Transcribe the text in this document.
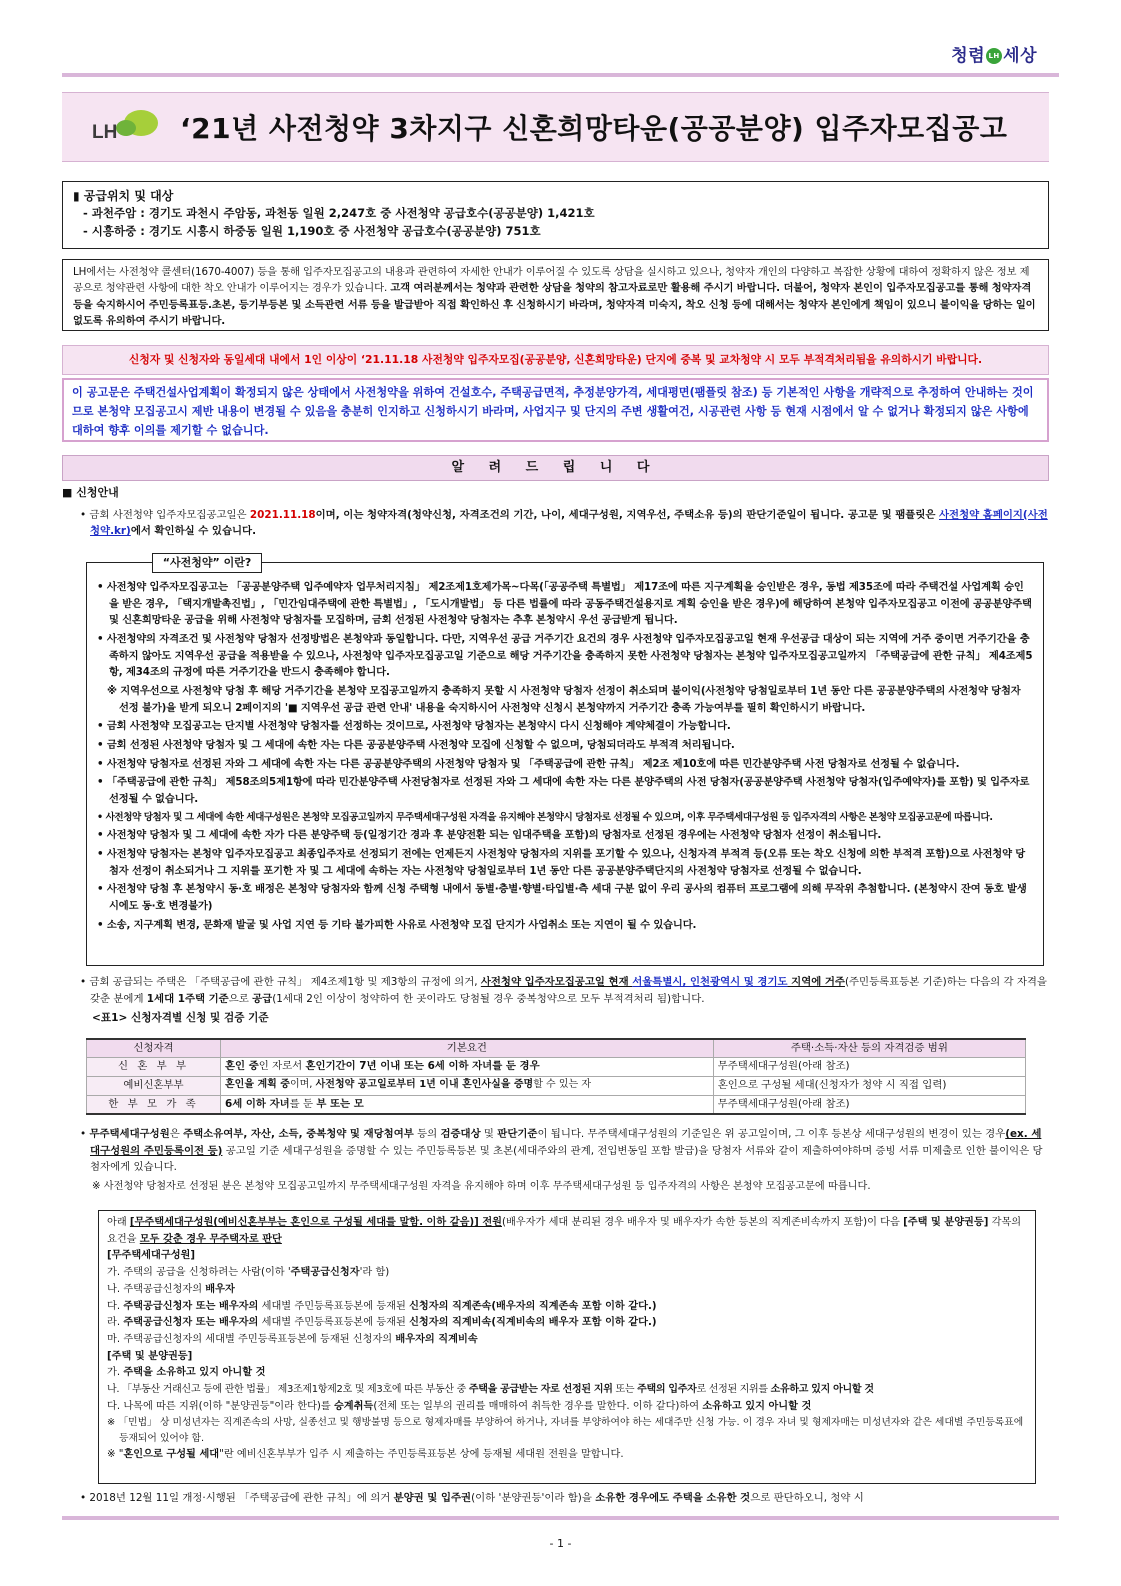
청렴 LH 세상
LH ‘21년 사전청약 3차지구 신혼희망타운(공공분양) 입주자모집공고
▮ 공급위치 및 대상
- 과천주암 : 경기도 과천시 주암동, 과천동 일원 2,247호 중 사전청약 공급호수(공공분양) 1,421호
- 시흥하중 : 경기도 시흥시 하중동 일원 1,190호 중 사전청약 공급호수(공공분양) 751호
LH에서는 사전청약 콜센터(1670-4007) 등을 통해 입주자모집공고의 내용과 관련하여 자세한 안내가 이루어질 수 있도록 상담을 실시하고 있으나, 청약자 개인의 다양하고 복잡한 상황에 대하여 정확하지 않은 정보 제공으로 청약관련 사항에 대한 착오 안내가 이루어지는 경우가 있습니다. 고객 여러분께서는 청약과 관련한 상담을 청약의 참고자료로만 활용해 주시기 바랍니다. 더불어, 청약자 본인이 입주자모집공고를 통해 청약자격 등을 숙지하시어 주민등록표등.초본, 등기부등본 및 소득관련 서류 등을 발급받아 직접 확인하신 후 신청하시기 바라며, 청약자격 미숙지, 착오 신청 등에 대해서는 청약자 본인에게 책임이 있으니 불이익을 당하는 일이 없도록 유의하여 주시기 바랍니다.
신청자 및 신청자와 동일세대 내에서 1인 이상이 ‘21.11.18 사전청약 입주자모집(공공분양, 신혼희망타운) 단지에 중복 및 교차청약 시 모두 부적격처리됨을 유의하시기 바랍니다.
이 공고문은 주택건설사업계획이 확정되지 않은 상태에서 사전청약을 위하여 건설호수, 주택공급면적, 추정분양가격, 세대평면(팸플릿 참조) 등 기본적인 사항을 개략적으로 추정하여 안내하는 것이므로 본청약 모집공고시 제반 내용이 변경될 수 있음을 충분히 인지하고 신청하시기 바라며, 사업지구 및 단지의 주변 생활여건, 시공관련 사항 등 현재 시점에서 알 수 없거나 확정되지 않은 사항에 대하여 향후 이의를 제기할 수 없습니다.
알 려 드 립 니 다
■ 신청안내
• 금회 사전청약 입주자모집공고일은 2021.11.18이며, 이는 청약자격(청약신청, 자격조건의 기간, 나이, 세대구성원, 지역우선, 주택소유 등)의 판단기준일이 됩니다. 공고문 및 팸플릿은 사전청약 홈페이지(사전청약.kr)에서 확인하실 수 있습니다.
• 사전청약 입주자모집공고는 「공공분양주택 입주예약자 업무처리지침」 제2조제1호제가목~다목(「공공주택 특별법」 제17조에 따른 지구계획을 승인받은 경우, 동법 제35조에 따라 주택건설 사업계획 승인을 받은 경우, 「택지개발촉진법」, 「민간임대주택에 관한 특별법」, 「도시개발법」 등 다른 법률에 따라 공동주택건설용지로 계획 승인을 받은 경우)에 해당하여 본청약 입주자모집공고 이전에 공공분양주택 및 신혼희망타운 공급을 위해 사전청약 당첨자를 모집하며, 금회 선정된 사전청약 당첨자는 추후 본청약시 우선 공급받게 됩니다.
• 사전청약의 자격조건 및 사전청약 당첨자 선정방법은 본청약과 동일합니다. 다만, 지역우선 공급 거주기간 요건의 경우 사전청약 입주자모집공고일 현재 우선공급 대상이 되는 지역에 거주 중이면 거주기간을 충족하지 않아도 지역우선 공급을 적용받을 수 있으나, 사전청약 입주자모집공고일 기준으로 해당 거주기간을 충족하지 못한 사전청약 당첨자는 본청약 입주자모집공고일까지 「주택공급에 관한 규칙」 제4조제5항, 제34조의 규정에 따른 거주기간을 반드시 충족해야 합니다.
※ 지역우선으로 사전청약 당첨 후 해당 거주기간을 본청약 모집공고일까지 충족하지 못할 시 사전청약 당첨자 선정이 취소되며 불이익(사전청약 당첨일로부터 1년 동안 다른 공공분양주택의 사전청약 당첨자 선정 불가)을 받게 되오니 2페이지의 '■ 지역우선 공급 관련 안내' 내용을 숙지하시어 사전청약 신청시 본청약까지 거주기간 충족 가능여부를 필히 확인하시기 바랍니다.
• 금회 사전청약 모집공고는 단지별 사전청약 당첨자를 선정하는 것이므로, 사전청약 당첨자는 본청약시 다시 신청해야 계약체결이 가능합니다.
• 금회 선정된 사전청약 당첨자 및 그 세대에 속한 자는 다른 공공분양주택 사전청약 모집에 신청할 수 없으며, 당첨되더라도 부적격 처리됩니다.
• 사전청약 당첨자로 선정된 자와 그 세대에 속한 자는 다른 공공분양주택의 사전청약 당첨자 및 「주택공급에 관한 규칙」 제2조 제10호에 따른 민간분양주택 사전 당첨자로 선정될 수 없습니다.
• 「주택공급에 관한 규칙」 제58조의5제1항에 따라 민간분양주택 사전당첨자로 선정된 자와 그 세대에 속한 자는 다른 분양주택의 사전 당첨자(공공분양주택 사전청약 당첨자(입주예약자)를 포함) 및 입주자로 선정될 수 없습니다.
• 사전청약 당첨자 및 그 세대에 속한 세대구성원은 본청약 모집공고일까지 무주택세대구성원 자격을 유지해야 본청약시 당첨자로 선정될 수 있으며, 이후 무주택세대구성원 등 입주자격의 사항은 본청약 모집공고문에 따릅니다.
• 사전청약 당첨자 및 그 세대에 속한 자가 다른 분양주택 등(일정기간 경과 후 분양전환 되는 임대주택을 포함)의 당첨자로 선정된 경우에는 사전청약 당첨자 선정이 취소됩니다.
• 사전청약 당첨자는 본청약 입주자모집공고 최종입주자로 선정되기 전에는 언제든지 사전청약 당첨자의 지위를 포기할 수 있으나, 신청자격 부적격 등(오류 또는 착오 신청에 의한 부적격 포함)으로 사전청약 당첨자 선정이 취소되거나 그 지위를 포기한 자 및 그 세대에 속하는 자는 사전청약 당첨일로부터 1년 동안 다른 공공분양주택단지의 사전청약 당첨자로 선정될 수 없습니다.
• 사전청약 당첨 후 본청약시 동·호 배정은 본청약 당첨자와 함께 신청 주택형 내에서 동별·층별·향별·타입별·측 세대 구분 없이 우리 공사의 컴퓨터 프로그램에 의해 무작위 추첨합니다. (본청약시 잔여 동호 발생 시에도 동·호 변경불가)
• 소송, 지구계획 변경, 문화재 발굴 및 사업 지연 등 기타 불가피한 사유로 사전청약 모집 단지가 사업취소 또는 지연이 될 수 있습니다.
“사전청약” 이란?
• 금회 공급되는 주택은 「주택공급에 관한 규칙」 제4조제1항 및 제3항의 규정에 의거, 사전청약 입주자모집공고일 현재 서울특별시, 인천광역시 및 경기도 지역에 거주(주민등록표등본 기준)하는 다음의 각 자격을 갖춘 분에게 1세대 1주택 기준으로 공급(1세대 2인 이상이 청약하여 한 곳이라도 당첨될 경우 중복청약으로 모두 부적격처리 됨)합니다.
<표1> 신청자격별 신청 및 검증 기준
신청자격	기본요건	주택·소득·자산 등의 자격검증 범위
신 혼 부 부	혼인 중인 자로서 혼인기간이 7년 이내 또는 6세 이하 자녀를 둔 경우	무주택세대구성원(아래 참조)
예비신혼부부	혼인을 계획 중이며, 사전청약 공고일로부터 1년 이내 혼인사실을 증명할 수 있는 자	혼인으로 구성될 세대(신청자가 청약 시 직접 입력)
한 부 모 가 족	6세 이하 자녀를 둔 부 또는 모	무주택세대구성원(아래 참조)
• 무주택세대구성원은 주택소유여부, 자산, 소득, 중복청약 및 재당첨여부 등의 검증대상 및 판단기준이 됩니다. 무주택세대구성원의 기준일은 위 공고일이며, 그 이후 등본상 세대구성원의 변경이 있는 경우(ex. 세대구성원의 주민등록이전 등) 공고일 기준 세대구성원을 증명할 수 있는 주민등록등본 및 초본(세대주와의 관계, 전입변동일 포함 발급)을 당첨자 서류와 같이 제출하여야하며 증빙 서류 미제출로 인한 불이익은 당첨자에게 있습니다.
※ 사전청약 당첨자로 선정된 분은 본청약 모집공고일까지 무주택세대구성원 자격을 유지해야 하며 이후 무주택세대구성원 등 입주자격의 사항은 본청약 모집공고문에 따릅니다.
아래 [무주택세대구성원(예비신혼부부는 혼인으로 구성될 세대를 말함. 이하 같음)] 전원(배우자가 세대 분리된 경우 배우자 및 배우자가 속한 등본의 직계존비속까지 포함)이 다음 [주택 및 분양권등] 각목의 요건을 모두 갖춘 경우 무주택자로 판단
[무주택세대구성원]
가. 주택의 공급을 신청하려는 사람(이하 '주택공급신청자'라 함)
나. 주택공급신청자의 배우자
다. 주택공급신청자 또는 배우자의 세대별 주민등록표등본에 등재된 신청자의 직계존속(배우자의 직계존속 포함 이하 같다.)
라. 주택공급신청자 또는 배우자의 세대별 주민등록표등본에 등재된 신청자의 직계비속(직계비속의 배우자 포함 이하 같다.)
마. 주택공급신청자의 세대별 주민등록표등본에 등재된 신청자의 배우자의 직계비속
[주택 및 분양권등]
가. 주택을 소유하고 있지 아니할 것
나. 「부동산 거래신고 등에 관한 법률」 제3조제1항제2호 및 제3호에 따른 부동산 중 주택을 공급받는 자로 선정된 지위 또는 주택의 입주자로 선정된 지위를 소유하고 있지 아니할 것
다. 나목에 따른 지위(이하 "분양권등"이라 한다)를 승계취득(전체 또는 일부의 권리를 매매하여 취득한 경우를 말한다. 이하 같다)하여 소유하고 있지 아니할 것
※ 「민법」 상 미성년자는 직계존속의 사망, 실종선고 및 행방불명 등으로 형제자매를 부양하여 하거나, 자녀를 부양하여야 하는 세대주만 신청 가능. 이 경우 자녀 및 형제자매는 미성년자와 같은 세대별 주민등록표에 등재되어 있어야 함.
※ "혼인으로 구성될 세대"란 예비신혼부부가 입주 시 제출하는 주민등록표등본 상에 등재될 세대원 전원을 말합니다.
• 2018년 12월 11일 개정·시행된 「주택공급에 관한 규칙」에 의거 분양권 및 입주권(이하 '분양권등'이라 함)을 소유한 경우에도 주택을 소유한 것으로 판단하오니, 청약 시
- 1 -
